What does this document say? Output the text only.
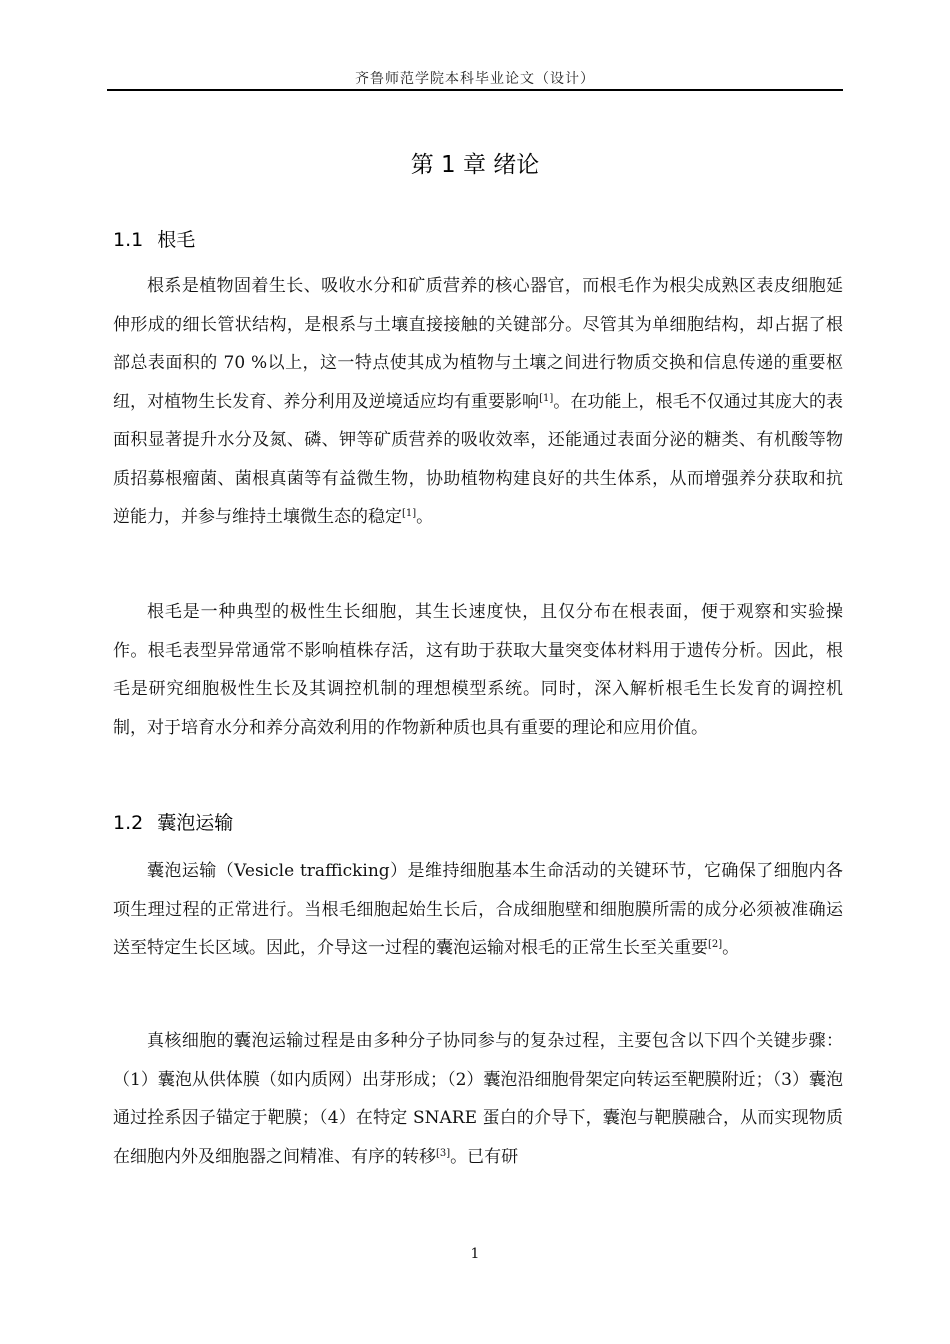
齐鲁师范学院本科毕业论文（设计）
第 1 章 绪论
1.1 根毛

根系是植物固着生长、吸收水分和矿质营养的核心器官，而根毛作为根尖成熟区表皮细胞延伸形成的细长管状结构，是根系与土壤直接接触的关键部分。尽管其为单细胞结构，却占据了根部总表面积的 70 %以上，这一特点使其成为植物与土壤之间进行物质交换和信息传递的重要枢纽，对植物生长发育、养分利用及逆境适应均有重要影响[1]。在功能上，根毛不仅通过其庞大的表面积显著提升水分及氮、磷、钾等矿质营养的吸收效率，还能通过表面分泌的糖类、有机酸等物质招募根瘤菌、菌根真菌等有益微生物，协助植物构建良好的共生体系，从而增强养分获取和抗逆能力，并参与维持土壤微生态的稳定[1]。

根毛是一种典型的极性生长细胞，其生长速度快，且仅分布在根表面，便于观察和实验操作。根毛表型异常通常不影响植株存活，这有助于获取大量突变体材料用于遗传分析。因此，根毛是研究细胞极性生长及其调控机制的理想模型系统。同时，深入解析根毛生长发育的调控机制，对于培育水分和养分高效利用的作物新种质也具有重要的理论和应用价值。

1.2 囊泡运输

囊泡运输（Vesicle trafficking）是维持细胞基本生命活动的关键环节，它确保了细胞内各项生理过程的正常进行。当根毛细胞起始生长后，合成细胞壁和细胞膜所需的成分必须被准确运送至特定生长区域。因此，介导这一过程的囊泡运输对根毛的正常生长至关重要[2]。

真核细胞的囊泡运输过程是由多种分子协同参与的复杂过程，主要包含以下四个关键步骤：（1）囊泡从供体膜（如内质网）出芽形成；（2）囊泡沿细胞骨架定向转运至靶膜附近；（3）囊泡通过拴系因子锚定于靶膜；（4）在特定 SNARE 蛋白的介导下，囊泡与靶膜融合，从而实现物质在细胞内外及细胞器之间精准、有序的转移[3]。已有研

1
